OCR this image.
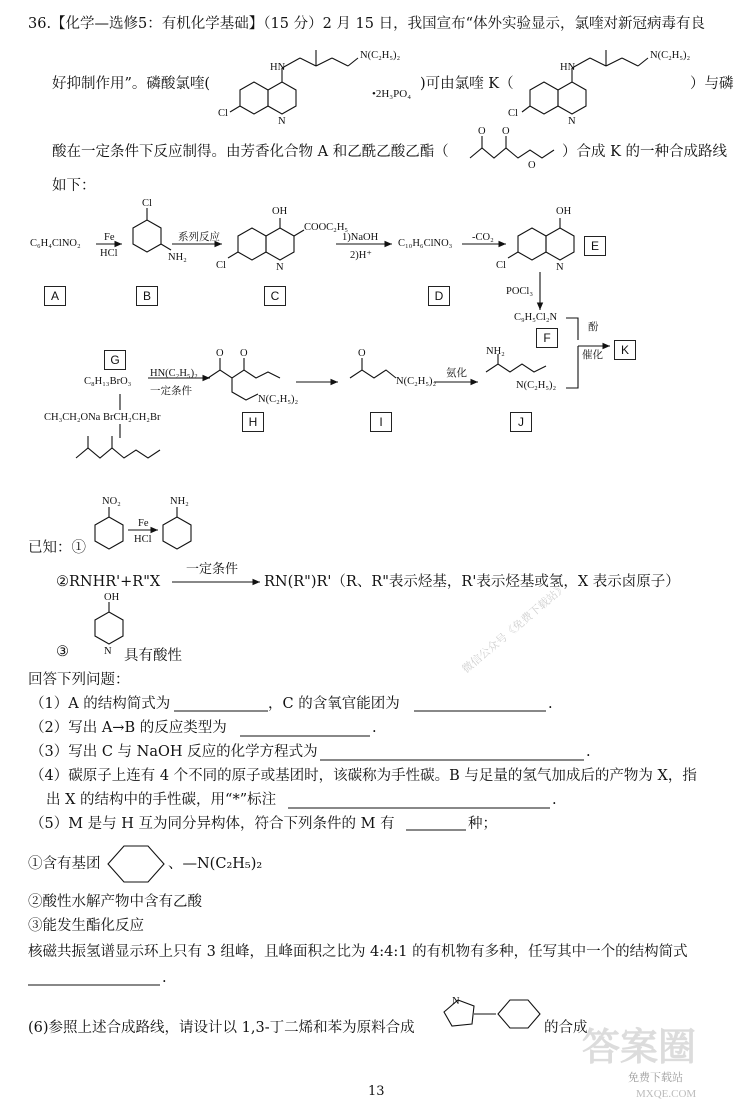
36.【化学—选修5：有机化学基础】（15 分）2 月 15 日，我国宣布“体外实验显示，氯喹对新冠病毒有良
好抑制作用”。磷酸氯喹(
•2H₃PO₄
)可由氯喹 K（	）与磷
Cl
N
HN
N(C₂H₅)₂
Cl
N
HN
N(C₂H₅)₂
酸在一定条件下反应制得。由芳香化合物 A 和乙酰乙酸乙酯（
O O
O
）合成 K 的一种合成路线
如下：
C₆H₄ClNO₂
Fe
HCl
Cl
NH₂
系列反应
OH
COOC₂H₅
Cl	N
1)NaOH
2)H⁺
C₁₀H₆ClNO₃
-CO₂
OH
Cl	N
POCl₃
C₉H₅Cl₂N
酚
催化
A	B	C	D
E
F
G
H	I	J
K
C₈H₁₃BrO₃
HN(C₂H₅)₂
一定条件
O O
N(C₂H₅)₂
O
N(C₂H₅)₂
氨化
NH₂
N(C₂H₅)₂
CH₃CH₂ONa BrCH₂CH₂Br
NO₂	NH₂
Fe
HCl
已知：①
②RNHR'+R"X
一定条件
RN(R")R'（R、R"表示烃基，R'表示烃基或氢，X 表示卤原子）
OH
N
③	具有酸性
回答下列问题：
（1）A 的结构简式为	，C 的含氧官能团为	.
（2）写出 A→B 的反应类型为	.
（3）写出 C 与 NaOH 反应的化学方程式为	.
（4）碳原子上连有 4 个不同的原子或基团时，该碳称为手性碳。B 与足量的氢气加成后的产物为 X，指
出 X 的结构中的手性碳，用“*”标注	.
（5）M 是与 H 互为同分异构体，符合下列条件的 M 有	种；
①含有基团	、—N(C₂H₅)₂
②酸性水解产物中含有乙酸
③能发生酯化反应
核磁共振氢谱显示环上只有 3 组峰，且峰面积之比为 4:4:1 的有机物有多种，任写其中一个的结构简式
.
(6)参照上述合成路线，请设计以 1,3-丁二烯和苯为原料合成
N
的合成
微信公众号《免费下载站》
答案圈
MXQE.COM
免费下载站
13
